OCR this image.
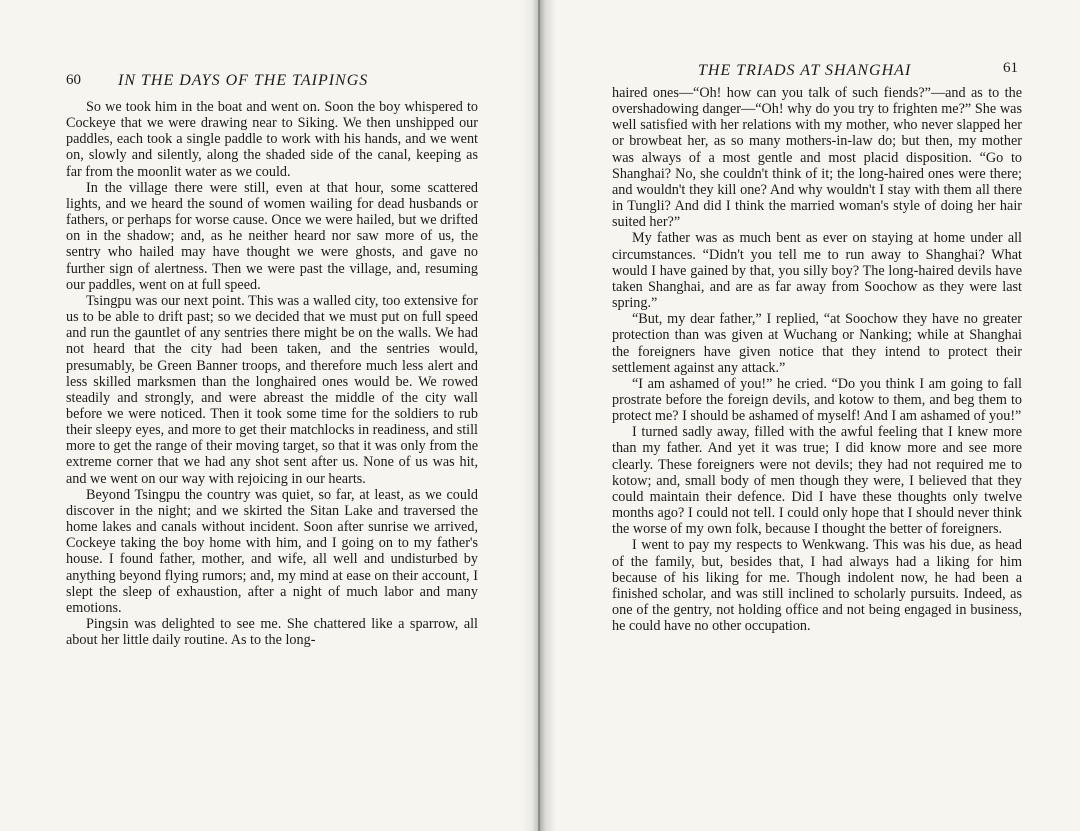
60 IN THE DAYS OF THE TAIPINGS

So we took him in the boat and went on. Soon the boy whispered to Cockeye that we were drawing near to Siking. We then unshipped our paddles, each took a single paddle to work with his hands, and we went on, slowly and silently, along the shaded side of the canal, keeping as far from the moonlit water as we could.

In the village there were still, even at that hour, some scattered lights, and we heard the sound of women wailing for dead husbands or fathers, or perhaps for worse cause. Once we were hailed, but we drifted on in the shadow; and, as he neither heard nor saw more of us, the sentry who hailed may have thought we were ghosts, and gave no further sign of alertness. Then we were past the village, and, resuming our paddles, went on at full speed.

Tsingpu was our next point. This was a walled city, too extensive for us to be able to drift past; so we decided that we must put on full speed and run the gauntlet of any sentries there might be on the walls. We had not heard that the city had been taken, and the sentries would, presumably, be Green Banner troops, and therefore much less alert and less skilled marksmen than the longhaired ones would be. We rowed steadily and strongly, and were abreast the middle of the city wall before we were noticed. Then it took some time for the soldiers to rub their sleepy eyes, and more to get their matchlocks in readiness, and still more to get the range of their moving target, so that it was only from the extreme corner that we had any shot sent after us. None of us was hit, and we went on our way with rejoicing in our hearts.

Beyond Tsingpu the country was quiet, so far, at least, as we could discover in the night; and we skirted the Sitan Lake and traversed the home lakes and canals without incident. Soon after sunrise we arrived, Cockeye taking the boy home with him, and I going on to my father's house. I found father, mother, and wife, all well and undisturbed by anything beyond flying rumors; and, my mind at ease on their account, I slept the sleep of exhaustion, after a night of much labor and many emotions.

Pingsin was delighted to see me. She chattered like a sparrow, all about her little daily routine. As to the long-

THE TRIADS AT SHANGHAI	61

haired ones—“Oh! how can you talk of such fiends?”—and as to the overshadowing danger—“Oh! why do you try to frighten me?” She was well satisfied with her relations with my mother, who never slapped her or browbeat her, as so many mothers-in-law do; but then, my mother was always of a most gentle and most placid disposition. “Go to Shanghai? No, she couldn't think of it; the long-haired ones were there; and wouldn't they kill one? And why wouldn't I stay with them all there in Tungli? And did I think the married woman's style of doing her hair suited her?”

My father was as much bent as ever on staying at home under all circumstances. “Didn't you tell me to run away to Shanghai? What would I have gained by that, you silly boy? The long-haired devils have taken Shanghai, and are as far away from Soochow as they were last spring.”

“But, my dear father,” I replied, “at Soochow they have no greater protection than was given at Wuchang or Nanking; while at Shanghai the foreigners have given notice that they intend to protect their settlement against any attack.”

“I am ashamed of you!” he cried. “Do you think I am going to fall prostrate before the foreign devils, and kotow to them, and beg them to protect me? I should be ashamed of myself! And I am ashamed of you!”

I turned sadly away, filled with the awful feeling that I knew more than my father. And yet it was true; I did know more and see more clearly. These foreigners were not devils; they had not required me to kotow; and, small body of men though they were, I believed that they could maintain their defence. Did I have these thoughts only twelve months ago? I could not tell. I could only hope that I should never think the worse of my own folk, because I thought the better of foreigners.

I went to pay my respects to Wenkwang. This was his due, as head of the family, but, besides that, I had always had a liking for him because of his liking for me. Though indolent now, he had been a finished scholar, and was still inclined to scholarly pursuits. Indeed, as one of the gentry, not holding office and not being engaged in business, he could have no other occupation.
